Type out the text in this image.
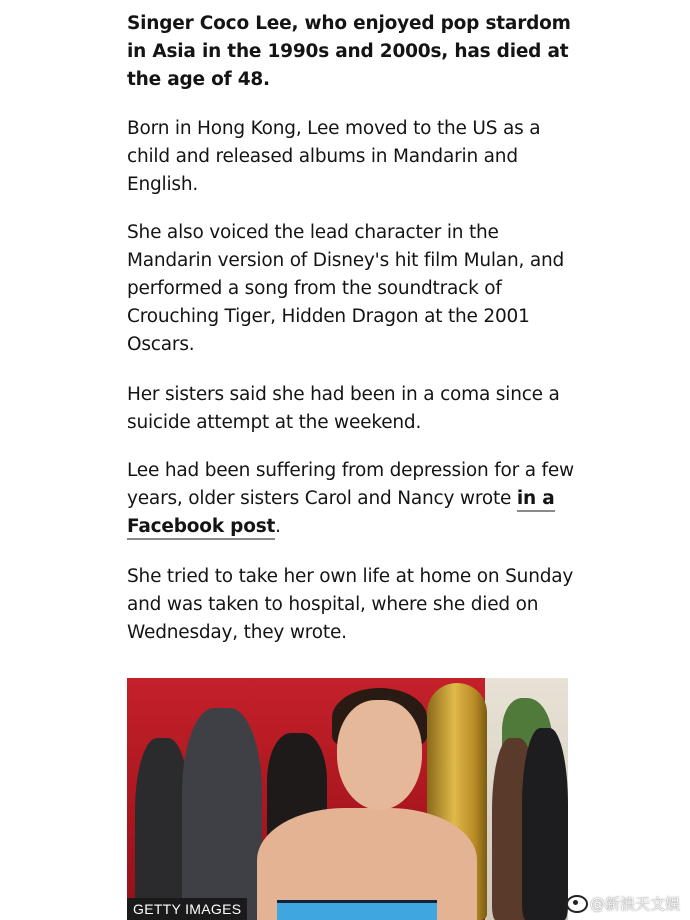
Singer Coco Lee, who enjoyed pop stardom in Asia in the 1990s and 2000s, has died at the age of 48.

Born in Hong Kong, Lee moved to the US as a child and released albums in Mandarin and English.

She also voiced the lead character in the Mandarin version of Disney's hit film Mulan, and performed a song from the soundtrack of Crouching Tiger, Hidden Dragon at the 2001 Oscars.

Her sisters said she had been in a coma since a suicide attempt at the weekend.

Lee had been suffering from depression for a few years, older sisters Carol and Nancy wrote in a Facebook post.

She tried to take her own life at home on Sunday and was taken to hospital, where she died on Wednesday, they wrote.

GETTY IMAGES	@新浪天文娱
